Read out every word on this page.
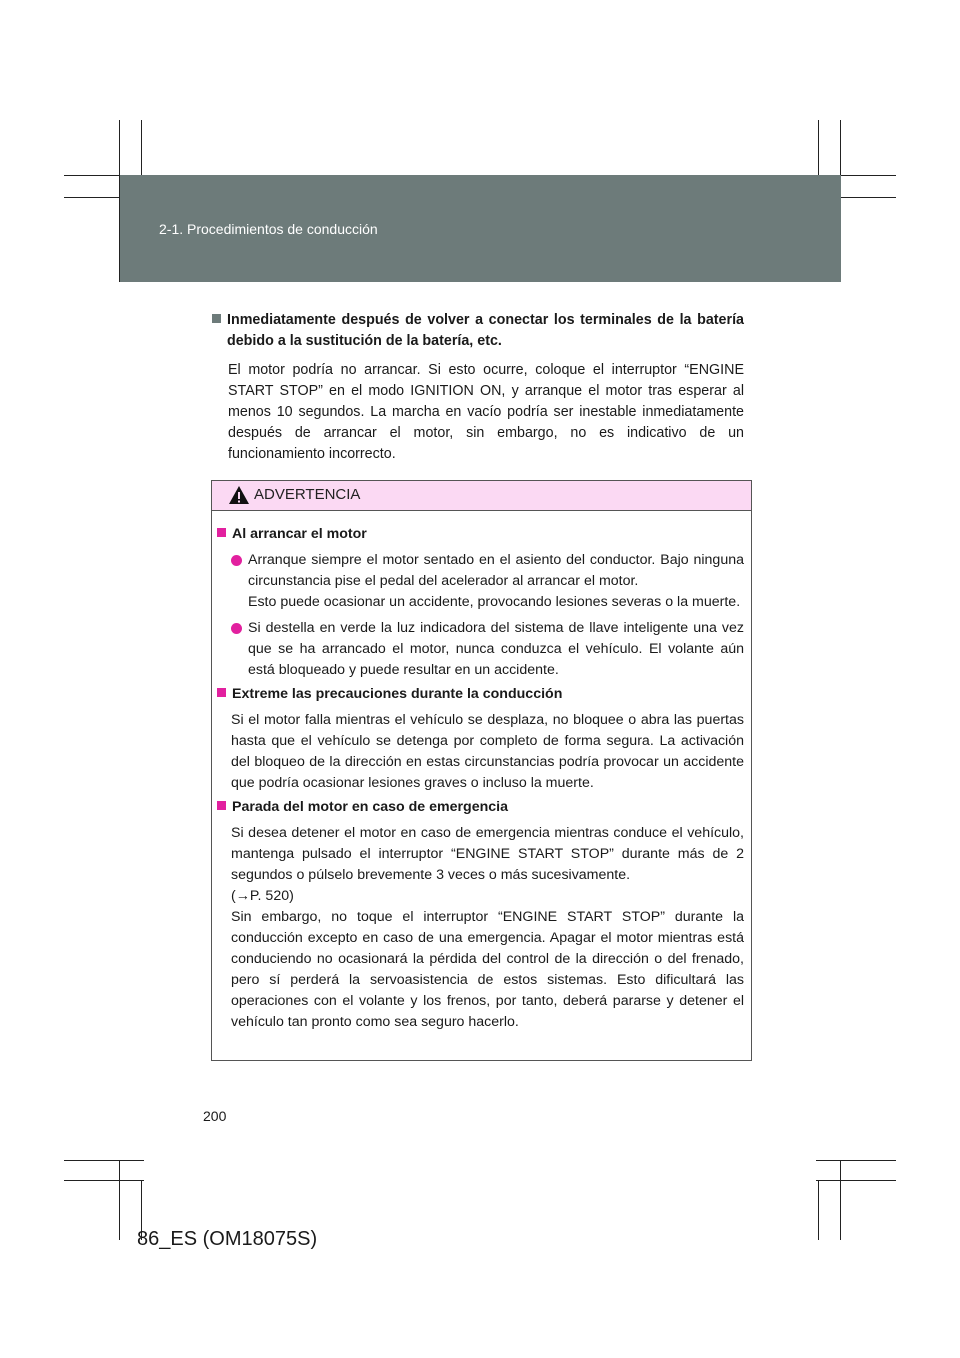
2-1. Procedimientos de conducción
Inmediatamente después de volver a conectar los terminales de la batería debido a la sustitución de la batería, etc.
El motor podría no arrancar. Si esto ocurre, coloque el interruptor “ENGINE START STOP” en el modo IGNITION ON, y arranque el motor tras esperar al menos 10 segundos. La marcha en vacío podría ser inestable inmediatamente después de arrancar el motor, sin embargo, no es indicativo de un funcionamiento incorrecto.
ADVERTENCIA
Al arrancar el motor
Arranque siempre el motor sentado en el asiento del conductor. Bajo ninguna circunstancia pise el pedal del acelerador al arrancar el motor.
Esto puede ocasionar un accidente, provocando lesiones severas o la muerte.
Si destella en verde la luz indicadora del sistema de llave inteligente una vez que se ha arrancado el motor, nunca conduzca el vehículo. El volante aún está bloqueado y puede resultar en un accidente.
Extreme las precauciones durante la conducción
Si el motor falla mientras el vehículo se desplaza, no bloquee o abra las puertas hasta que el vehículo se detenga por completo de forma segura. La activación del bloqueo de la dirección en estas circunstancias podría provocar un accidente que podría ocasionar lesiones graves o incluso la muerte.
Parada del motor en caso de emergencia
Si desea detener el motor en caso de emergencia mientras conduce el vehículo, mantenga pulsado el interruptor “ENGINE START STOP” durante más de 2 segundos o púlselo brevemente 3 veces o más sucesivamente.
(→P. 520)
Sin embargo, no toque el interruptor “ENGINE START STOP” durante la conducción excepto en caso de una emergencia. Apagar el motor mientras está conduciendo no ocasionará la pérdida del control de la dirección o del frenado, pero sí perderá la servoasistencia de estos sistemas. Esto dificultará las operaciones con el volante y los frenos, por tanto, deberá pararse y detener el vehículo tan pronto como sea seguro hacerlo.
200
86_ES (OM18075S)
